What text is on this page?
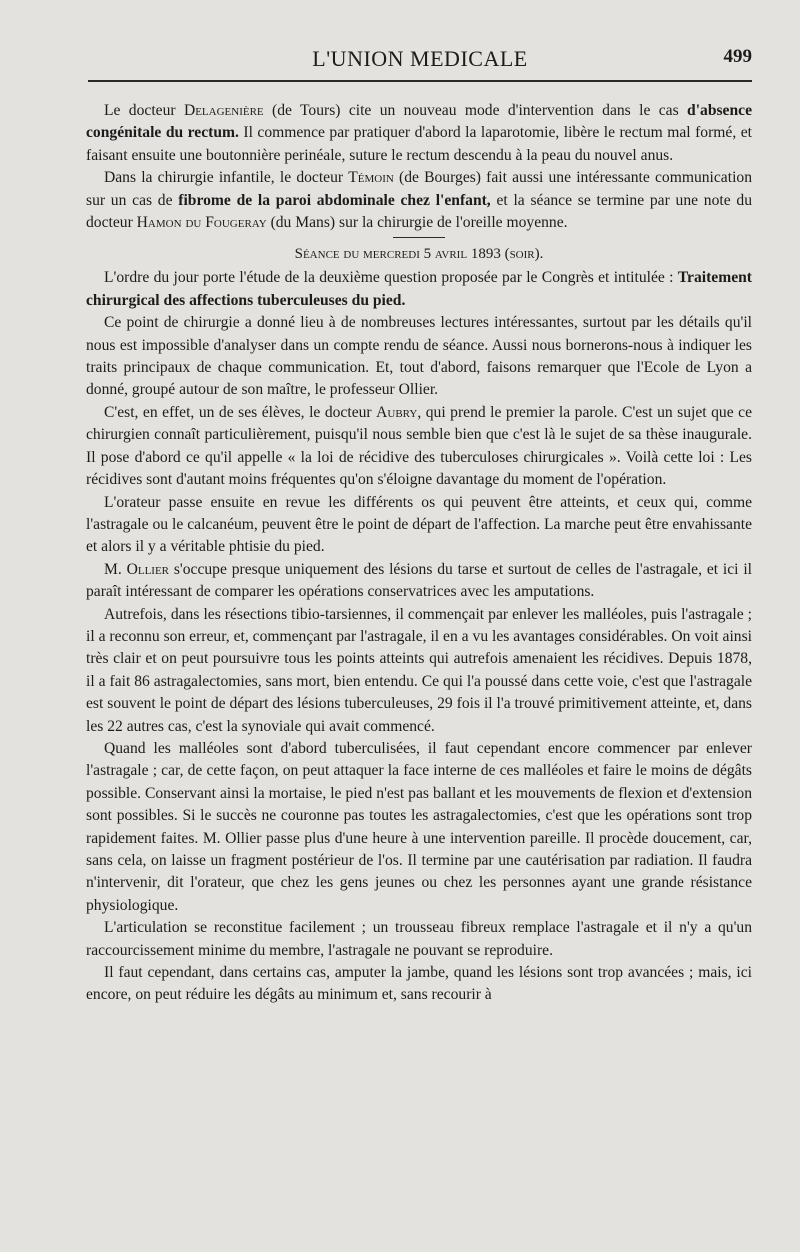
L'UNION MEDICALE	499

Le docteur Delagenière (de Tours) cite un nouveau mode d'intervention dans le cas d'absence congénitale du rectum. Il commence par pratiquer d'abord la laparotomie, libère le rectum mal formé, et faisant ensuite une boutonnière perinéale, suture le rectum descendu à la peau du nouvel anus.

Dans la chirurgie infantile, le docteur Témoin (de Bourges) fait aussi une intéressante communication sur un cas de fibrome de la paroi abdominale chez l'enfant, et la séance se termine par une note du docteur Hamon du Fougeray (du Mans) sur la chirurgie de l'oreille moyenne.

Séance du mercredi 5 avril 1893 (soir).

L'ordre du jour porte l'étude de la deuxième question proposée par le Congrès et intitulée : Traitement chirurgical des affections tuberculeuses du pied.

Ce point de chirurgie a donné lieu à de nombreuses lectures intéressantes, surtout par les détails qu'il nous est impossible d'analyser dans un compte rendu de séance. Aussi nous bornerons-nous à indiquer les traits principaux de chaque communication. Et, tout d'abord, faisons remarquer que l'Ecole de Lyon a donné, groupé autour de son maître, le professeur Ollier.

C'est, en effet, un de ses élèves, le docteur Aubry, qui prend le premier la parole. C'est un sujet que ce chirurgien connaît particulièrement, puisqu'il nous semble bien que c'est là le sujet de sa thèse inaugurale. Il pose d'abord ce qu'il appelle « la loi de récidive des tuberculoses chirurgicales ». Voilà cette loi : Les récidives sont d'autant moins fréquentes qu'on s'éloigne davantage du moment de l'opération.

L'orateur passe ensuite en revue les différents os qui peuvent être atteints, et ceux qui, comme l'astragale ou le calcanéum, peuvent être le point de départ de l'affection. La marche peut être envahissante et alors il y a véritable phtisie du pied.

M. Ollier s'occupe presque uniquement des lésions du tarse et surtout de celles de l'astragale, et ici il paraît intéressant de comparer les opérations conservatrices avec les amputations.

Autrefois, dans les résections tibio-tarsiennes, il commençait par enlever les malléoles, puis l'astragale ; il a reconnu son erreur, et, commençant par l'astragale, il en a vu les avantages considérables. On voit ainsi très clair et on peut poursuivre tous les points atteints qui autrefois amenaient les récidives. Depuis 1878, il a fait 86 astragalectomies, sans mort, bien entendu. Ce qui l'a poussé dans cette voie, c'est que l'astragale est souvent le point de départ des lésions tuberculeuses, 29 fois il l'a trouvé primitivement atteinte, et, dans les 22 autres cas, c'est la synoviale qui avait commencé.

Quand les malléoles sont d'abord tuberculisées, il faut cependant encore commencer par enlever l'astragale ; car, de cette façon, on peut attaquer la face interne de ces malléoles et faire le moins de dégâts possible. Conservant ainsi la mortaise, le pied n'est pas ballant et les mouvements de flexion et d'extension sont possibles. Si le succès ne couronne pas toutes les astragalectomies, c'est que les opérations sont trop rapidement faites. M. Ollier passe plus d'une heure à une intervention pareille. Il procède doucement, car, sans cela, on laisse un fragment postérieur de l'os. Il termine par une cautérisation par radiation. Il faudra n'intervenir, dit l'orateur, que chez les gens jeunes ou chez les personnes ayant une grande résistance physiologique.

L'articulation se reconstitue facilement ; un trousseau fibreux remplace l'astragale et il n'y a qu'un raccourcissement minime du membre, l'astragale ne pouvant se reproduire.

Il faut cependant, dans certains cas, amputer la jambe, quand les lésions sont trop avancées ; mais, ici encore, on peut réduire les dégâts au minimum et, sans recourir à
